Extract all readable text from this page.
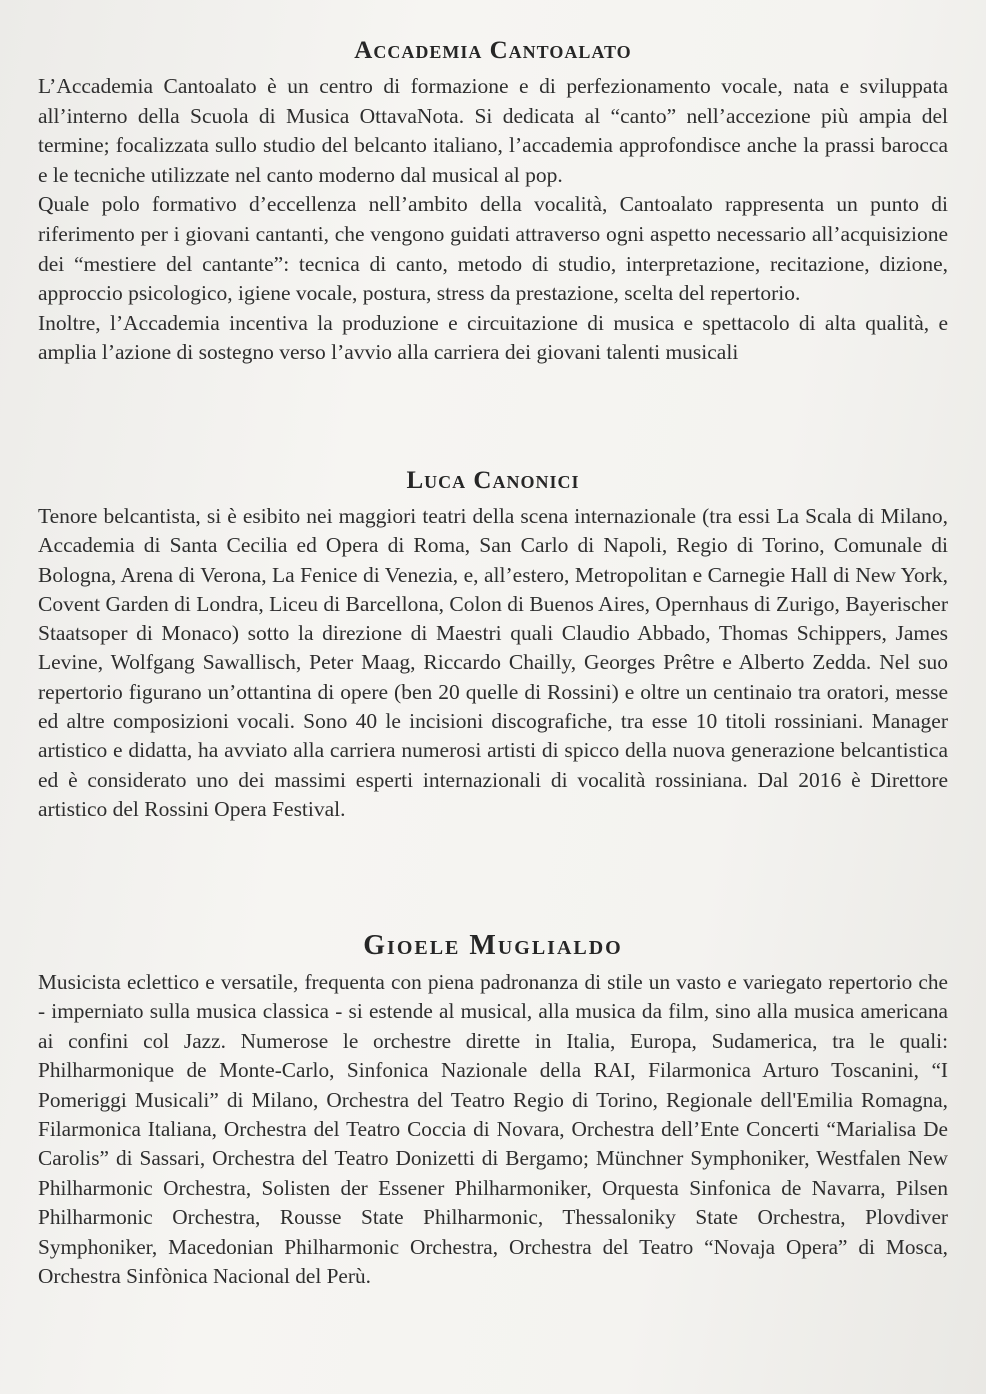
Accademia Cantoalato

L’Accademia Cantoalato è un centro di formazione e di perfezionamento vocale, nata e sviluppata all’interno della Scuola di Musica OttavaNota. Si dedicata al “canto” nell’accezione più ampia del termine; focalizzata sullo studio del belcanto italiano, l’accademia approfondisce anche la prassi barocca e le tecniche utilizzate nel canto moderno dal musical al pop.

Quale polo formativo d’eccellenza nell’ambito della vocalità, Cantoalato rappresenta un punto di riferimento per i giovani cantanti, che vengono guidati attraverso ogni aspetto necessario all’acquisizione dei “mestiere del cantante”: tecnica di canto, metodo di studio, interpretazione, recitazione, dizione, approccio psicologico, igiene vocale, postura, stress da prestazione, scelta del repertorio.

Inoltre, l’Accademia incentiva la produzione e circuitazione di musica e spettacolo di alta qualità, e amplia l’azione di sostegno verso l’avvio alla carriera dei giovani talenti musicali

Luca Canonici

Tenore belcantista, si è esibito nei maggiori teatri della scena internazionale (tra essi La Scala di Milano, Accademia di Santa Cecilia ed Opera di Roma, San Carlo di Napoli, Regio di Torino, Comunale di Bologna, Arena di Verona, La Fenice di Venezia, e, all’estero, Metropolitan e Carnegie Hall di New York, Covent Garden di Londra, Liceu di Barcellona, Colon di Buenos Aires, Opernhaus di Zurigo, Bayerischer Staatsoper di Monaco) sotto la direzione di Maestri quali Claudio Abbado, Thomas Schippers, James Levine, Wolfgang Sawallisch, Peter Maag, Riccardo Chailly, Georges Prêtre e Alberto Zedda. Nel suo repertorio figurano un’ottantina di opere (ben 20 quelle di Rossini) e oltre un centinaio tra oratori, messe ed altre composizioni vocali. Sono 40 le incisioni discografiche, tra esse 10 titoli rossiniani. Manager artistico e didatta, ha avviato alla carriera numerosi artisti di spicco della nuova generazione belcantistica ed è considerato uno dei massimi esperti internazionali di vocalità rossiniana. Dal 2016 è Direttore artistico del Rossini Opera Festival.

Gioele Muglialdo

Musicista eclettico e versatile, frequenta con piena padronanza di stile un vasto e variegato repertorio che - imperniato sulla musica classica - si estende al musical, alla musica da film, sino alla musica americana ai confini col Jazz. Numerose le orchestre dirette in Italia, Europa, Sudamerica, tra le quali: Philharmonique de Monte-Carlo, Sinfonica Nazionale della RAI, Filarmonica Arturo Toscanini, “I Pomeriggi Musicali” di Milano, Orchestra del Teatro Regio di Torino, Regionale dell'Emilia Romagna, Filarmonica Italiana, Orchestra del Teatro Coccia di Novara, Orchestra dell’Ente Concerti “Marialisa De Carolis” di Sassari, Orchestra del Teatro Donizetti di Bergamo; Münchner Symphoniker, Westfalen New Philharmonic Orchestra, Solisten der Essener Philharmoniker, Orquesta Sinfonica de Navarra, Pilsen Philharmonic Orchestra, Rousse State Philharmonic, Thessaloniky State Orchestra, Plovdiver Symphoniker, Macedonian Philharmonic Orchestra, Orchestra del Teatro “Novaja Opera” di Mosca, Orchestra Sinfònica Nacional del Perù.
